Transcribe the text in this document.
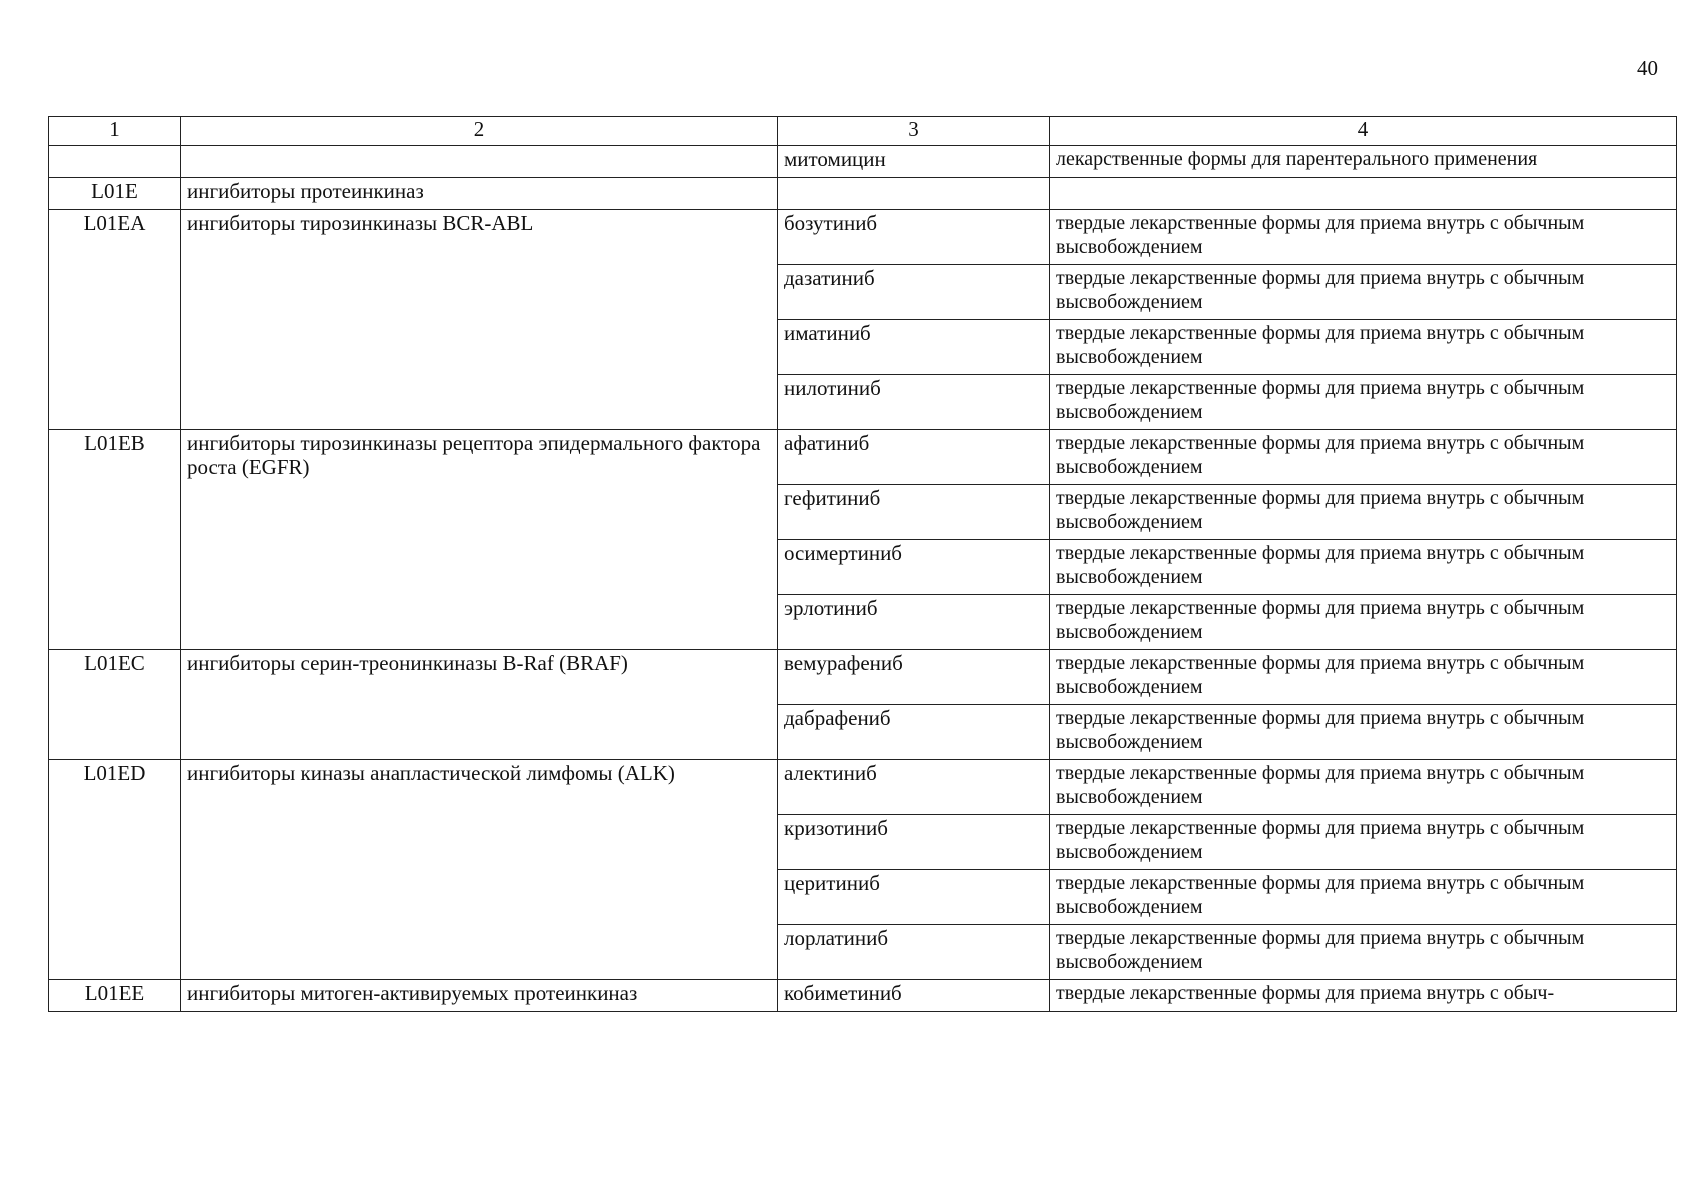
40
1	2	3	4
		митомицин	лекарственные формы для парентерального применения
L01E	ингибиторы протеинкиназ		
L01EA	ингибиторы тирозинкиназы BCR-ABL	бозутиниб	твердые лекарственные формы для приема внутрь с обычным высвобождением
		дазатиниб	твердые лекарственные формы для приема внутрь с обычным высвобождением
		иматиниб	твердые лекарственные формы для приема внутрь с обычным высвобождением
		нилотиниб	твердые лекарственные формы для приема внутрь с обычным высвобождением
L01EB	ингибиторы тирозинкиназы рецептора эпидермального фактора роста (EGFR)	афатиниб	твердые лекарственные формы для приема внутрь с обычным высвобождением
		гефитиниб	твердые лекарственные формы для приема внутрь с обычным высвобождением
		осимертиниб	твердые лекарственные формы для приема внутрь с обычным высвобождением
		эрлотиниб	твердые лекарственные формы для приема внутрь с обычным высвобождением
L01EC	ингибиторы серин-треонинкиназы B-Raf (BRAF)	вемурафениб	твердые лекарственные формы для приема внутрь с обычным высвобождением
		дабрафениб	твердые лекарственные формы для приема внутрь с обычным высвобождением
L01ED	ингибиторы киназы анапластической лимфомы (ALK)	алектиниб	твердые лекарственные формы для приема внутрь с обычным высвобождением
		кризотиниб	твердые лекарственные формы для приема внутрь с обычным высвобождением
		церитиниб	твердые лекарственные формы для приема внутрь с обычным высвобождением
		лорлатиниб	твердые лекарственные формы для приема внутрь с обычным высвобождением
L01EE	ингибиторы митоген-активируемых протеинкиназ	кобиметиниб	твердые лекарственные формы для приема внутрь с обыч-
